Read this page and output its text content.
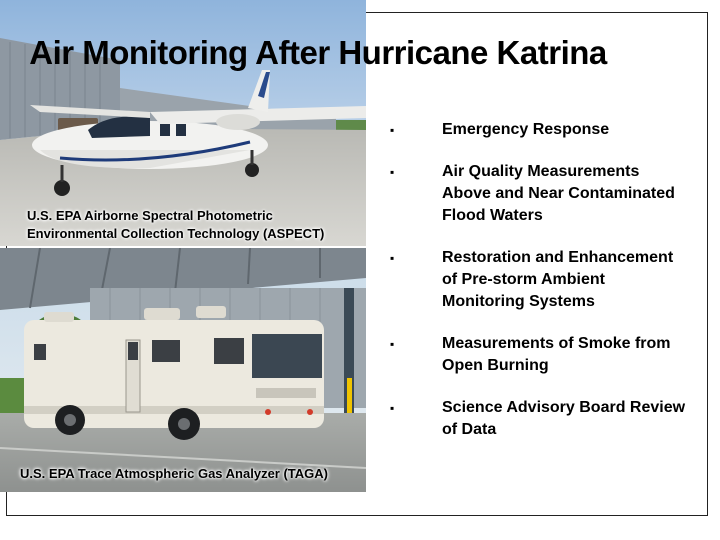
Air Monitoring After Hurricane Katrina
U.S. EPA Airborne Spectral Photometric
Environmental Collection Technology (ASPECT)
U.S. EPA Trace Atmospheric Gas Analyzer (TAGA)
▪	Emergency Response
▪	Air Quality Measurements Above and Near Contaminated Flood Waters
▪	Restoration and Enhancement of Pre-storm Ambient Monitoring Systems
▪	Measurements of Smoke from Open Burning
▪	Science Advisory Board Review of Data
